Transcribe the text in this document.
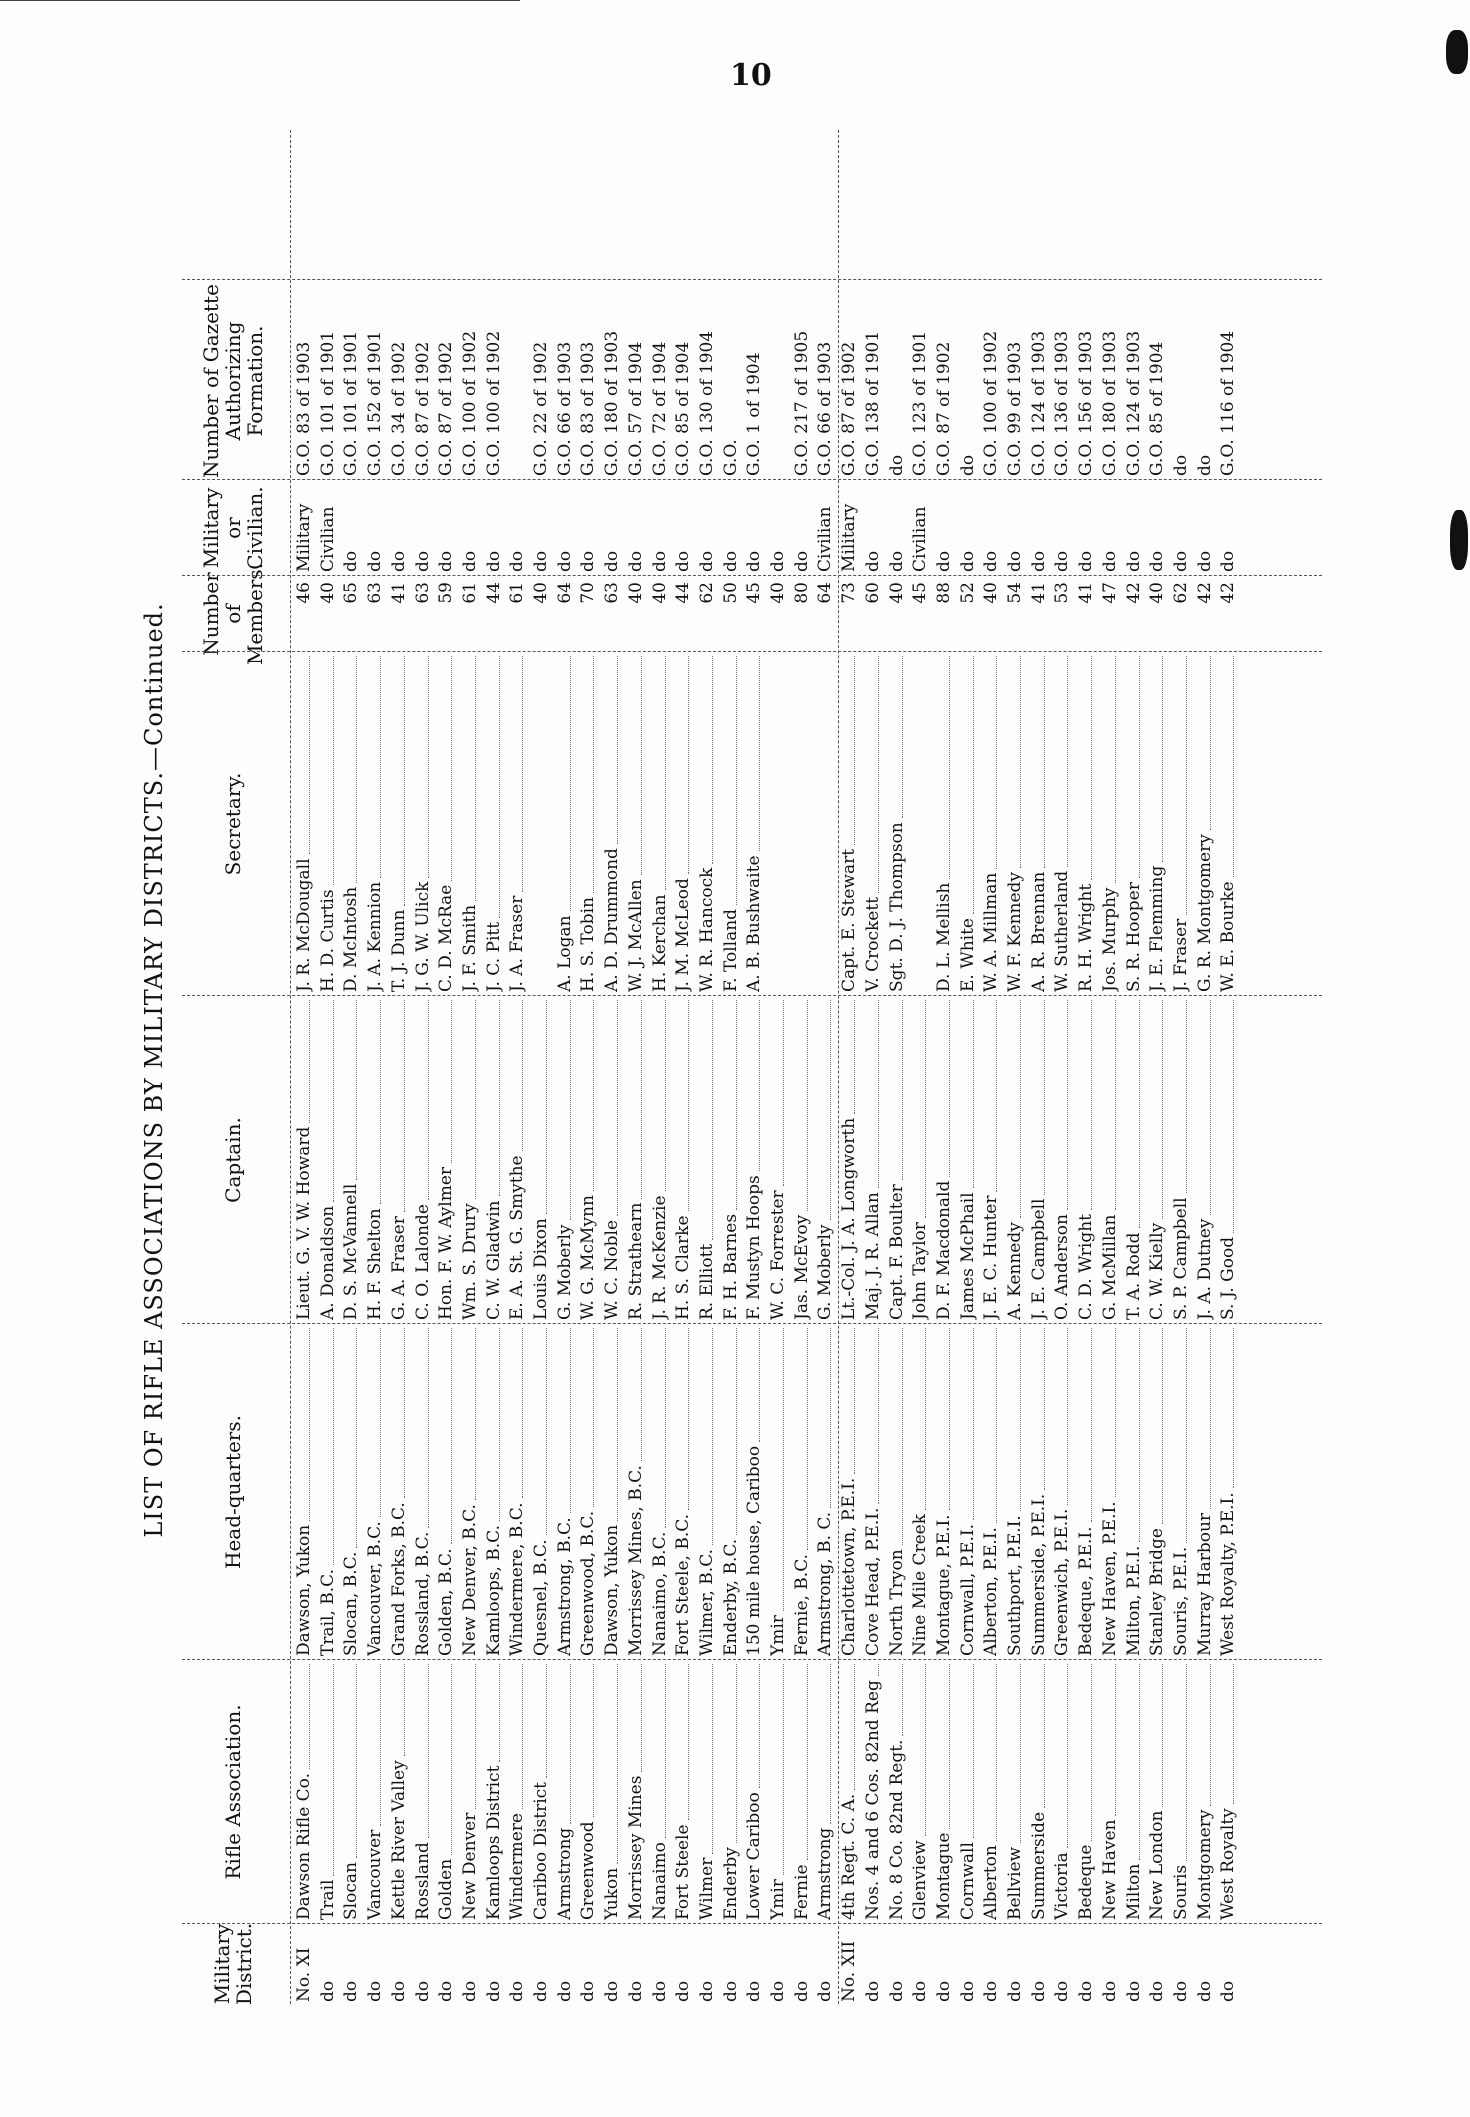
10
LIST OF RIFLE ASSOCIATIONS BY MILITARY DISTRICTS.—Continued.
Military District.
Rifle Association.
Head-quarters.
Captain.
Secretary.
Number of Members.
Military or Civilian.
Number of Gazette Authorizing Formation.
No. XI
Dawson Rifle Co.
Dawson, Yukon
Lieut. G. V. W. Howard
J. R. McDougall
46
Military
G.O. 83 of 1903
do
Trail
Trail, B.C.
A. Donaldson
H. D. Curtis
40
Civilian
G.O. 101 of 1901
do
Slocan
Slocan, B.C.
D. S. McVannell
D. McIntosh
65
do
G.O. 101 of 1901
do
Vancouver
Vancouver, B.C.
H. F. Shelton
J. A. Kennion
63
do
G.O. 152 of 1901
do
Kettle River Valley
Grand Forks, B.C.
G. A. Fraser
T. J. Dunn
41
do
G.O. 34 of 1902
do
Rossland
Rossland, B.C.
C. O. Lalonde
J. G. W. Ulick
63
do
G.O. 87 of 1902
do
Golden
Golden, B.C.
Hon. F. W. Aylmer
C. D. McRae
59
do
G.O. 87 of 1902
do
New Denver
New Denver, B.C.
Wm. S. Drury
J. F. Smith
61
do
G.O. 100 of 1902
do
Kamloops District
Kamloops, B.C.
C. W. Gladwin
J. C. Pitt
44
do
G.O. 100 of 1902
do
Windermere
Windermere, B.C.
E. A. St. G. Smythe
J. A. Fraser
61
do
do
Cariboo District
Quesnel, B.C.
Louis Dixon
40
do
G.O. 22 of 1902
do
Armstrong
Armstrong, B.C.
G. Moberly
A. Logan
64
do
G.O. 66 of 1903
do
Greenwood
Greenwood, B.C.
W. G. McMynn
H. S. Tobin
70
do
G.O. 83 of 1903
do
Yukon
Dawson, Yukon
W. C. Noble
A. D. Drummond
63
do
G.O. 180 of 1903
do
Morrissey Mines
Morrissey Mines, B.C.
R. Strathearn
W. J. McAllen
40
do
G.O. 57 of 1904
do
Nanaimo
Nanaimo, B.C.
J. R. McKenzie
H. Kerchan
40
do
G.O. 72 of 1904
do
Fort Steele
Fort Steele, B.C.
H. S. Clarke
J. M. McLeod
44
do
G.O. 85 of 1904
do
Wilmer
Wilmer, B.C.
R. Elliott
W. R. Hancock
62
do
G.O. 130 of 1904
do
Enderby
Enderby, B.C.
F. H. Barnes
F. Tolland
50
do
G.O.
do
Lower Cariboo
150 mile house, Cariboo
F. Mustyn Hoops
A. B. Bushwaite
45
do
G.O. 1 of 1904
do
Ymir
Ymir
W. C. Forrester
40
do
do
Fernie
Fernie, B.C.
Jas. McEvoy
80
do
G.O. 217 of 1905
do
Armstrong
Armstrong, B. C.
G. Moberly
64
Civilian
G.O. 66 of 1903
No. XII
4th Regt. C. A.
Charlottetown, P.E.I.
Lt.-Col. J. A. Longworth
Capt. E. Stewart
73
Military
G.O. 87 of 1902
do
Nos. 4 and 6 Cos. 82nd Reg
Cove Head, P.E.I.
Maj. J. R. Allan
V. Crockett
60
do
G.O. 138 of 1901
do
No. 8 Co. 82nd Regt.
North Tryon
Capt. F. Boulter
Sgt. D. J. Thompson
40
do
do
do
Glenview
Nine Mile Creek
John Taylor
45
Civilian
G.O. 123 of 1901
do
Montague
Montague, P.E.I.
D. F. Macdonald
D. L. Mellish
88
do
G.O. 87 of 1902
do
Cornwall
Cornwall, P.E.I.
James McPhail
E. White
52
do
do
do
Alberton
Alberton, P.E.I.
J. E. C. Hunter
W. A. Millman
40
do
G.O. 100 of 1902
do
Bellview
Southport, P.E.I.
A. Kennedy
W. F. Kennedy
54
do
G.O. 99 of 1903
do
Summerside
Summerside, P.E.I.
J. E. Campbell
A. R. Brennan
41
do
G.O. 124 of 1903
do
Victoria
Greenwich, P.E.I.
O. Anderson
W. Sutherland
53
do
G.O. 136 of 1903
do
Bedeque
Bedeque, P.E.I.
C. D. Wright
R. H. Wright
41
do
G.O. 156 of 1903
do
New Haven
New Haven, P.E.I.
G. McMillan
Jos. Murphy
47
do
G.O. 180 of 1903
do
Milton
Milton, P.E.I.
T. A. Rodd
S. R. Hooper
42
do
G.O. 124 of 1903
do
New London
Stanley Bridge
C. W. Kielly
J. E. Flemming
40
do
G.O. 85 of 1904
do
Souris
Souris, P.E.I.
S. P. Campbell
J. Fraser
62
do
do
do
Montgomery
Murray Harbour
J. A. Dutney
G. R. Montgomery
42
do
do
do
West Royalty
West Royalty, P.E.I.
S. J. Good
W. E. Bourke
42
do
G.O. 116 of 1904
